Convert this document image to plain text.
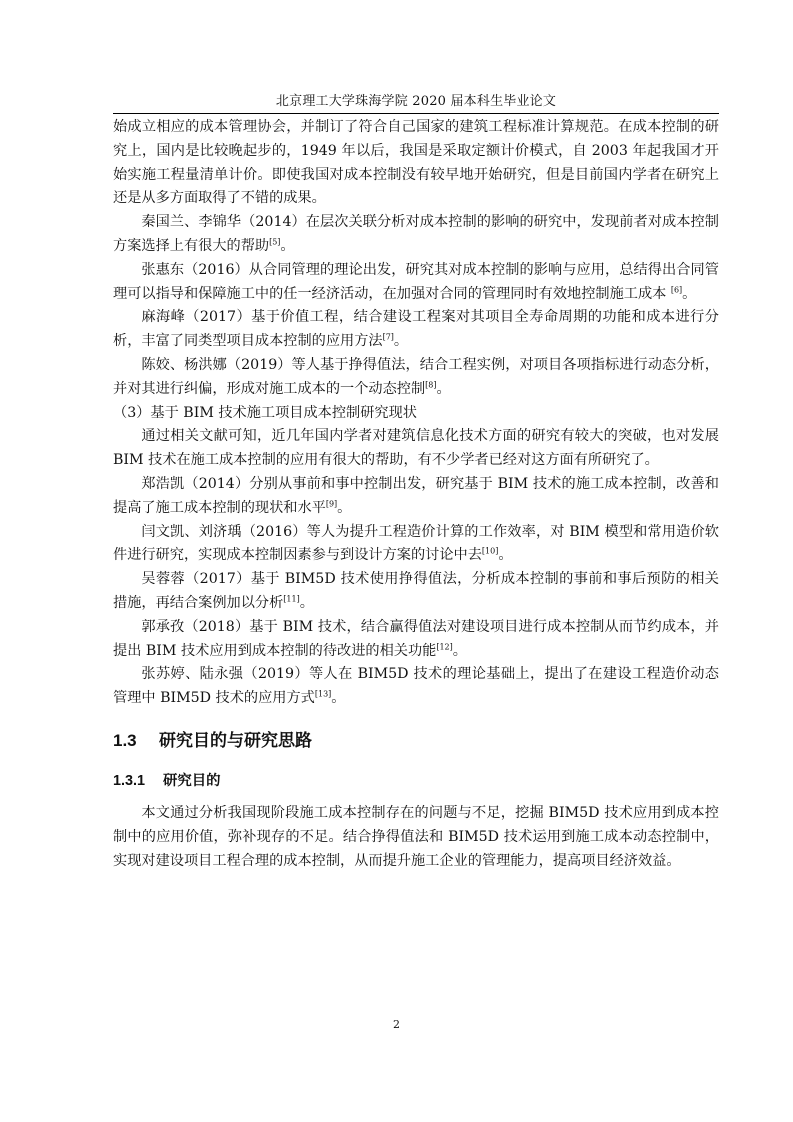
北京理工大学珠海学院 2020 届本科生毕业论文

始成立相应的成本管理协会，并制订了符合自己国家的建筑工程标准计算规范。在成本控制的研究上，国内是比较晚起步的，1949 年以后，我国是采取定额计价模式，自 2003 年起我国才开始实施工程量清单计价。即使我国对成本控制没有较早地开始研究，但是目前国内学者在研究上还是从多方面取得了不错的成果。

秦国兰、李锦华（2014）在层次关联分析对成本控制的影响的研究中，发现前者对成本控制方案选择上有很大的帮助[5]。

张惠东（2016）从合同管理的理论出发，研究其对成本控制的影响与应用，总结得出合同管理可以指导和保障施工中的任一经济活动，在加强对合同的管理同时有效地控制施工成本 [6]。

麻海峰（2017）基于价值工程，结合建设工程案对其项目全寿命周期的功能和成本进行分析，丰富了同类型项目成本控制的应用方法[7]。

陈姣、杨洪娜（2019）等人基于挣得值法，结合工程实例，对项目各项指标进行动态分析，并对其进行纠偏，形成对施工成本的一个动态控制[8]。

（3）基于 BIM 技术施工项目成本控制研究现状

通过相关文献可知，近几年国内学者对建筑信息化技术方面的研究有较大的突破，也对发展 BIM 技术在施工成本控制的应用有很大的帮助，有不少学者已经对这方面有所研究了。

郑浩凯（2014）分别从事前和事中控制出发，研究基于 BIM 技术的施工成本控制，改善和提高了施工成本控制的现状和水平[9]。

闫文凯、刘济瑀（2016）等人为提升工程造价计算的工作效率，对 BIM 模型和常用造价软件进行研究，实现成本控制因素参与到设计方案的讨论中去[10]。

吴蓉蓉（2017）基于 BIM5D 技术使用挣得值法，分析成本控制的事前和事后预防的相关措施，再结合案例加以分析[11]。

郭承孜（2018）基于 BIM 技术，结合赢得值法对建设项目进行成本控制从而节约成本，并提出 BIM 技术应用到成本控制的待改进的相关功能[12]。

张苏婷、陆永强（2019）等人在 BIM5D 技术的理论基础上，提出了在建设工程造价动态管理中 BIM5D 技术的应用方式[13]。

1.3 研究目的与研究思路
1.3.1 研究目的

本文通过分析我国现阶段施工成本控制存在的问题与不足，挖掘 BIM5D 技术应用到成本控制中的应用价值，弥补现存的不足。结合挣得值法和 BIM5D 技术运用到施工成本动态控制中，实现对建设项目工程合理的成本控制，从而提升施工企业的管理能力，提高项目经济效益。

2
